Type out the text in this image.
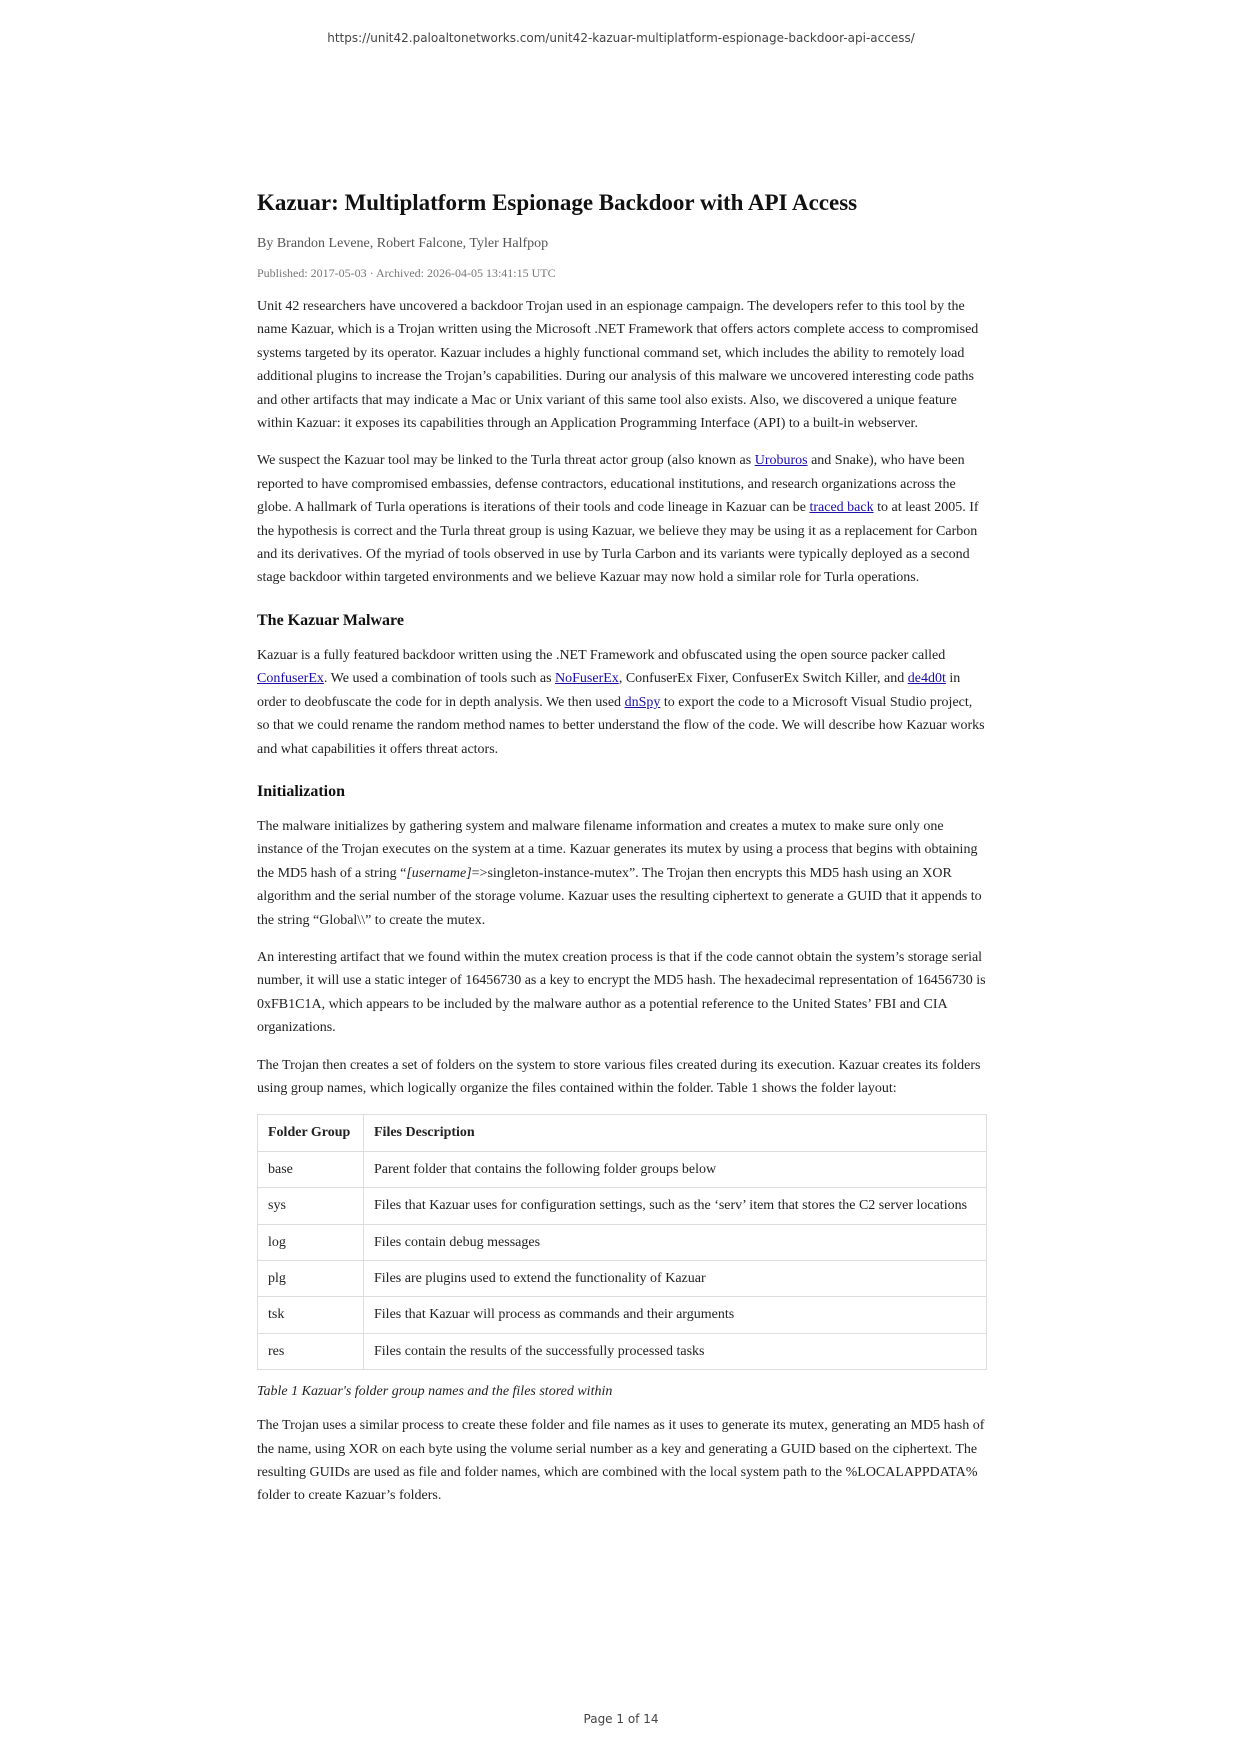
https://unit42.paloaltonetworks.com/unit42-kazuar-multiplatform-espionage-backdoor-api-access/
Kazuar: Multiplatform Espionage Backdoor with API Access
By Brandon Levene, Robert Falcone, Tyler Halfpop
Published: 2017-05-03 · Archived: 2026-04-05 13:41:15 UTC

Unit 42 researchers have uncovered a backdoor Trojan used in an espionage campaign. The developers refer to this tool by the name Kazuar, which is a Trojan written using the Microsoft .NET Framework that offers actors complete access to compromised systems targeted by its operator. Kazuar includes a highly functional command set, which includes the ability to remotely load additional plugins to increase the Trojan’s capabilities. During our analysis of this malware we uncovered interesting code paths and other artifacts that may indicate a Mac or Unix variant of this same tool also exists. Also, we discovered a unique feature within Kazuar: it exposes its capabilities through an Application Programming Interface (API) to a built-in webserver.

We suspect the Kazuar tool may be linked to the Turla threat actor group (also known as Uroburos and Snake), who have been reported to have compromised embassies, defense contractors, educational institutions, and research organizations across the globe. A hallmark of Turla operations is iterations of their tools and code lineage in Kazuar can be traced back to at least 2005. If the hypothesis is correct and the Turla threat group is using Kazuar, we believe they may be using it as a replacement for Carbon and its derivatives. Of the myriad of tools observed in use by Turla Carbon and its variants were typically deployed as a second stage backdoor within targeted environments and we believe Kazuar may now hold a similar role for Turla operations.

The Kazuar Malware

Kazuar is a fully featured backdoor written using the .NET Framework and obfuscated using the open source packer called ConfuserEx. We used a combination of tools such as NoFuserEx, ConfuserEx Fixer, ConfuserEx Switch Killer, and de4d0t in order to deobfuscate the code for in depth analysis. We then used dnSpy to export the code to a Microsoft Visual Studio project, so that we could rename the random method names to better understand the flow of the code. We will describe how Kazuar works and what capabilities it offers threat actors.

Initialization

The malware initializes by gathering system and malware filename information and creates a mutex to make sure only one instance of the Trojan executes on the system at a time. Kazuar generates its mutex by using a process that begins with obtaining the MD5 hash of a string “[username]=>singleton-instance-mutex”. The Trojan then encrypts this MD5 hash using an XOR algorithm and the serial number of the storage volume. Kazuar uses the resulting ciphertext to generate a GUID that it appends to the string “Global\\” to create the mutex.

An interesting artifact that we found within the mutex creation process is that if the code cannot obtain the system’s storage serial number, it will use a static integer of 16456730 as a key to encrypt the MD5 hash. The hexadecimal representation of 16456730 is 0xFB1C1A, which appears to be included by the malware author as a potential reference to the United States’ FBI and CIA organizations.

The Trojan then creates a set of folders on the system to store various files created during its execution. Kazuar creates its folders using group names, which logically organize the files contained within the folder. Table 1 shows the folder layout:

Folder Group	Files Description
base	Parent folder that contains the following folder groups below
sys	Files that Kazuar uses for configuration settings, such as the ‘serv’ item that stores the C2 server locations
log	Files contain debug messages
plg	Files are plugins used to extend the functionality of Kazuar
tsk	Files that Kazuar will process as commands and their arguments
res	Files contain the results of the successfully processed tasks
Table 1 Kazuar's folder group names and the files stored within

The Trojan uses a similar process to create these folder and file names as it uses to generate its mutex, generating an MD5 hash of the name, using XOR on each byte using the volume serial number as a key and generating a GUID based on the ciphertext. The resulting GUIDs are used as file and folder names, which are combined with the local system path to the %LOCALAPPDATA% folder to create Kazuar’s folders.

Page 1 of 14
